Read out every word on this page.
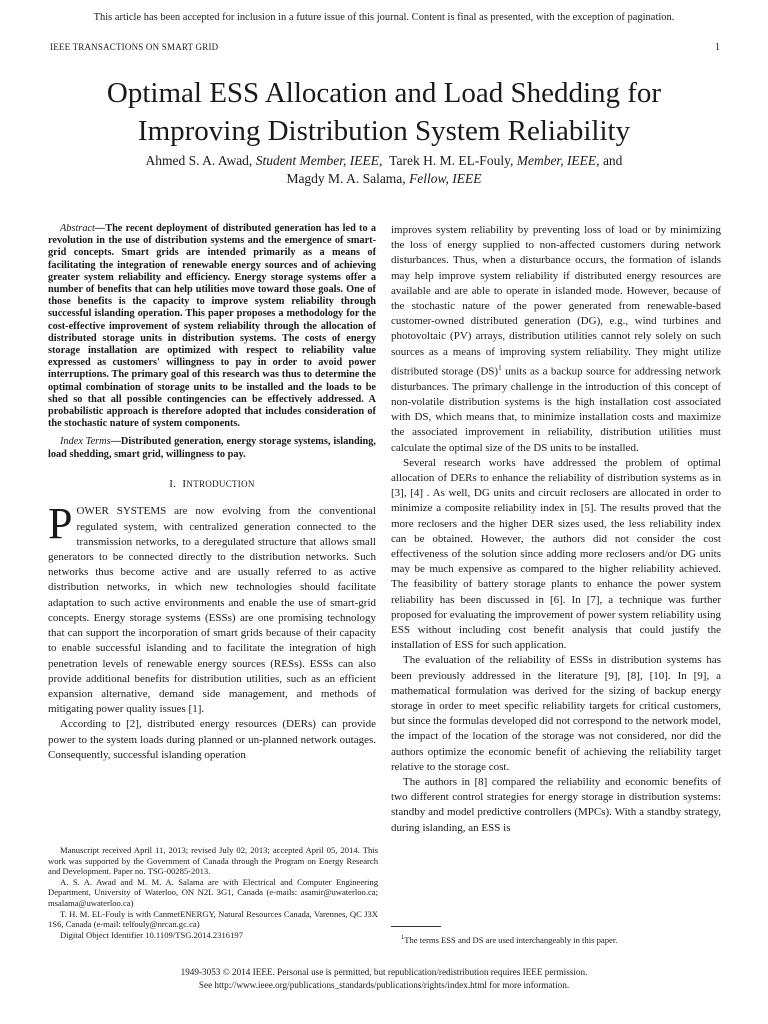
This article has been accepted for inclusion in a future issue of this journal. Content is final as presented, with the exception of pagination.
IEEE TRANSACTIONS ON SMART GRID	1
Optimal ESS Allocation and Load Shedding for
Improving Distribution System Reliability
Ahmed S. A. Awad, Student Member, IEEE, Tarek H. M. EL-Fouly, Member, IEEE, and
Magdy M. A. Salama, Fellow, IEEE

Abstract—The recent deployment of distributed generation has led to a revolution in the use of distribution systems and the emergence of smart-grid concepts. Smart grids are intended primarily as a means of facilitating the integration of renewable energy sources and of achieving greater system reliability and efficiency. Energy storage systems offer a number of benefits that can help utilities move toward those goals. One of those benefits is the capacity to improve system reliability through successful islanding operation. This paper proposes a methodology for the cost-effective improvement of system reliability through the allocation of distributed storage units in distribution systems. The costs of energy storage installation are optimized with respect to reliability value expressed as customers' willingness to pay in order to avoid power interruptions. The primary goal of this research was thus to determine the optimal combination of storage units to be installed and the loads to be shed so that all possible contingencies can be effectively addressed. A probabilistic approach is therefore adopted that includes consideration of the stochastic nature of system components.

Index Terms—Distributed generation, energy storage systems, islanding, load shedding, smart grid, willingness to pay.
I. INTRODUCTION

POWER SYSTEMS are now evolving from the conventional regulated system, with centralized generation connected to the transmission networks, to a deregulated structure that allows small generators to be connected directly to the distribution networks. Such networks thus become active and are usually referred to as active distribution networks, in which new technologies should facilitate adaptation to such active environments and enable the use of smart-grid concepts. Energy storage systems (ESSs) are one promising technology that can support the incorporation of smart grids because of their capacity to enable successful islanding and to facilitate the integration of high penetration levels of renewable energy sources (RESs). ESSs can also provide additional benefits for distribution utilities, such as an efficient expansion alternative, demand side management, and methods of mitigating power quality issues [1].

According to [2], distributed energy resources (DERs) can provide power to the system loads during planned or un-planned network outages. Consequently, successful islanding operation

improves system reliability by preventing loss of load or by minimizing the loss of energy supplied to non-affected customers during network disturbances. Thus, when a disturbance occurs, the formation of islands may help improve system reliability if distributed energy resources are available and are able to operate in islanded mode. However, because of the stochastic nature of the power generated from renewable-based customer-owned distributed generation (DG), e.g., wind turbines and photovoltaic (PV) arrays, distribution utilities cannot rely solely on such sources as a means of improving system reliability. They might utilize distributed storage (DS)$^1$ units as a backup source for addressing network disturbances. The primary challenge in the introduction of this concept of non-volatile distribution systems is the high installation cost associated with DS, which means that, to minimize installation costs and maximize the associated improvement in reliability, distribution utilities must calculate the optimal size of the DS units to be installed.

Several research works have addressed the problem of optimal allocation of DERs to enhance the reliability of distribution systems as in [3], [4] . As well, DG units and circuit reclosers are allocated in order to minimize a composite reliability index in [5]. The results proved that the more reclosers and the higher DER sizes used, the less reliability index can be obtained. However, the authors did not consider the cost effectiveness of the solution since adding more reclosers and/or DG units may be much expensive as compared to the higher reliability achieved. The feasibility of battery storage plants to enhance the power system reliability has been discussed in [6]. In [7], a technique was further proposed for evaluating the improvement of power system reliability using ESS without including cost benefit analysis that could justify the installation of ESS for such application.

The evaluation of the reliability of ESSs in distribution systems has been previously addressed in the literature [9], [8], [10]. In [9], a mathematical formulation was derived for the sizing of backup energy storage in order to meet specific reliability targets for critical customers, but since the formulas developed did not correspond to the network model, the impact of the location of the storage was not considered, nor did the authors optimize the economic benefit of achieving the reliability target relative to the storage cost.

The authors in [8] compared the reliability and economic benefits of two different control strategies for energy storage in distribution systems: standby and model predictive controllers (MPCs). With a standby strategy, during islanding, an ESS is

Manuscript received April 11, 2013; revised July 02, 2013; accepted April 05, 2014. This work was supported by the Government of Canada through the Program on Energy Research and Development. Paper no. TSG-00285-2013.

A. S. A. Awad and M. M. A. Salama are with Electrical and Computer Engineering Department, University of Waterloo, ON N2L 3G1, Canada (e-mails: asamir@uwaterloo.ca; msalama@uwaterloo.ca)

T. H. M. EL-Fouly is with CanmetENERGY, Natural Resources Canada, Varennes, QC J3X 1S6, Canada (e-mail: telfouly@nrcan.gc.ca)

Digital Object Identifier 10.1109/TSG.2014.2316197	$^1$The terms ESS and DS are used interchangeably in this paper.
1949-3053 © 2014 IEEE. Personal use is permitted, but republication/redistribution requires IEEE permission.
See http://www.ieee.org/publications_standards/publications/rights/index.html for more information.
